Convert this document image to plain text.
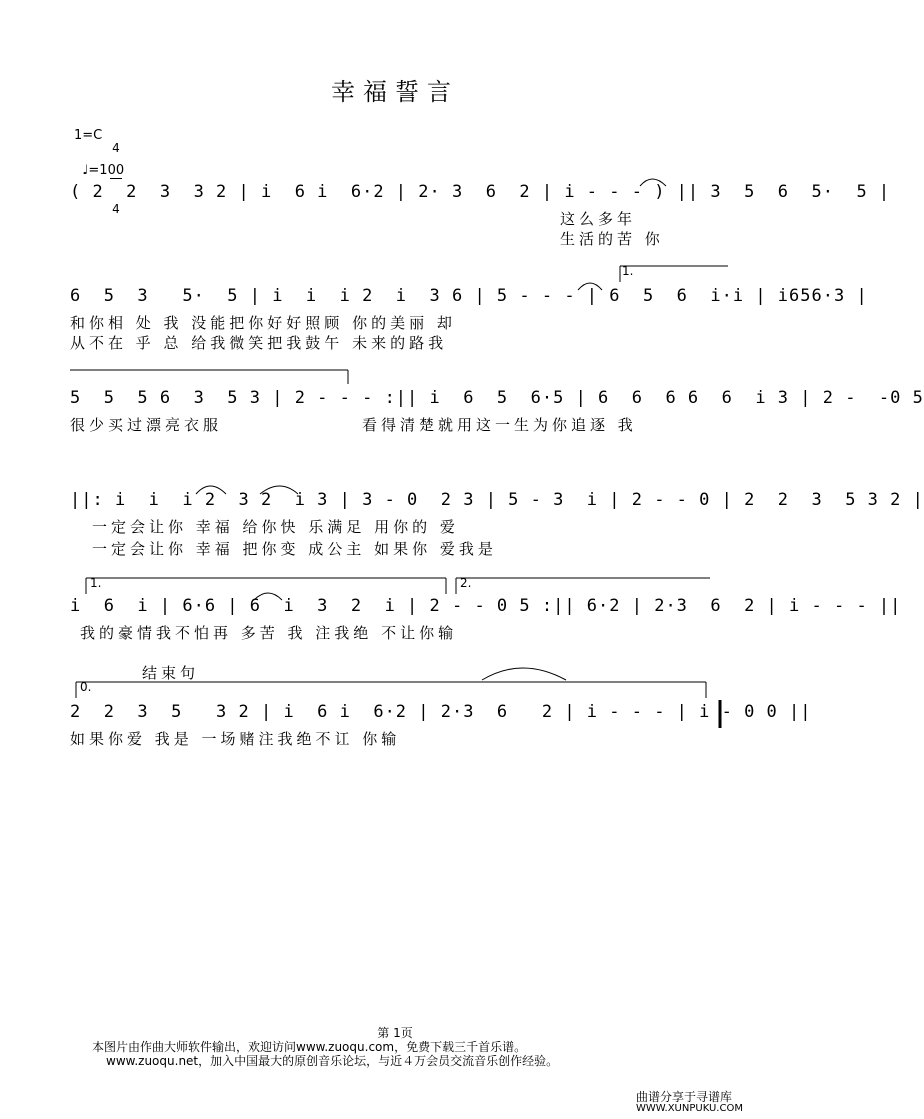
幸福誓言
1=C

4

4

♩=100

( 2  2  3  3 2 | i  6 i  6·2 | 2· 3  6  2 | i - - - ) || 3  5  6  5·  5 |
这么多年
生活的苦 你
1.
6  5  3   5·  5 | i  i  i 2  i  3 6 | 5 - - - | 6  5  6  i·i | i656·3 |
和你相 处 我 没能把你好好照顾 你的美丽 却
从不在 乎 总 给我微笑把我鼓午 未来的路我
5  5  5 6  3  5 3 | 2 - - - :|| i  6  5  6·5 | 6  6  6 6  6  i 3 | 2 -  -0 5
很少买过漂亮衣服	看得清楚就用这一生为你追逐 我
||: i  i  i 2  3 2  i 3 | 3 - 0  2 3 | 5 - 3  i | 2 - - 0 | 2  2  3  5 3 2 |
一定会让你 幸福 给你快 乐满足 用你的 爱
一定会让你 幸福 把你变 成公主 如果你 爱我是
1.	2.
i  6  i | 6·6 | 6  i  3  2  i | 2 - - 0 5 :|| 6·2 | 2·3  6  2 | i - - - ||
我的豪情我不怕再 多苦 我 注我绝 不让你输
结束句
0.
2  2  3  5   3 2 | i  6 i  6·2 | 2·3  6   2 | i - - - | i - 0 0 ||
如果你爱 我是 一场赌注我绝不讧 你输
第 1页
本图片由作曲大师软件输出，欢迎访问www.zuoqu.com，免费下载三千首乐谱。
www.zuoqu.net，加入中国最大的原创音乐论坛，与近４万会员交流音乐创作经验。
曲谱分享于寻谱库
WWW.XUNPUKU.COM
